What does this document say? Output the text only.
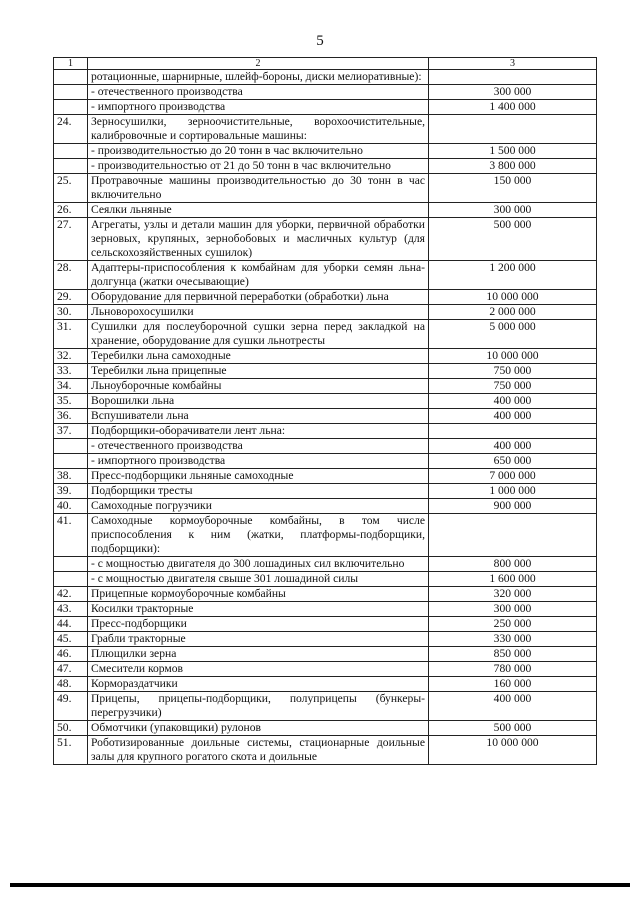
5
1	2	3
	ротационные, шарнирные, шлейф-бороны, диски мелиоративные):	
	- отечественного производства	300 000
	- импортного производства	1 400 000
24.	Зерносушилки, зерноочистительные, ворохоочистительные, калибровочные и сортировальные машины:	
	- производительностью до 20 тонн в час включительно	1 500 000
	- производительностью от 21 до 50 тонн в час включительно	3 800 000
25.	Протравочные машины производительностью до 30 тонн в час включительно	150 000
26.	Сеялки льняные	300 000
27.	Агрегаты, узлы и детали машин для уборки, первичной обработки зерновых, крупяных, зернобобовых и масличных культур (для сельскохозяйственных сушилок)	500 000
28.	Адаптеры-приспособления к комбайнам для уборки семян льна-долгунца (жатки очесывающие)	1 200 000
29.	Оборудование для первичной переработки (обработки) льна	10 000 000
30.	Льноворохосушилки	2 000 000
31.	Сушилки для послеуборочной сушки зерна перед закладкой на хранение, оборудование для сушки льнотресты	5 000 000
32.	Теребилки льна самоходные	10 000 000
33.	Теребилки льна прицепные	750 000
34.	Льноуборочные комбайны	750 000
35.	Ворошилки льна	400 000
36.	Вспушиватели льна	400 000
37.	Подборщики-оборачиватели лент льна:	
	- отечественного производства	400 000
	- импортного производства	650 000
38.	Пресс-подборщики льняные самоходные	7 000 000
39.	Подборщики тресты	1 000 000
40.	Самоходные погрузчики	900 000
41.	Самоходные кормоуборочные комбайны, в том числе приспособления к ним (жатки, платформы-подборщики, подборщики):	
	- с мощностью двигателя до 300 лошадиных сил включительно	800 000
	- с мощностью двигателя свыше 301 лошадиной силы	1 600 000
42.	Прицепные кормоуборочные комбайны	320 000
43.	Косилки тракторные	300 000
44.	Пресс-подборщики	250 000
45.	Грабли тракторные	330 000
46.	Плющилки зерна	850 000
47.	Смесители кормов	780 000
48.	Кормораздатчики	160 000
49.	Прицепы, прицепы-подборщики, полуприцепы (бункеры-перегрузчики)	400 000
50.	Обмотчики (упаковщики) рулонов	500 000
51.	Роботизированные доильные системы, стационарные доильные залы для крупного рогатого скота и доильные	10 000 000
